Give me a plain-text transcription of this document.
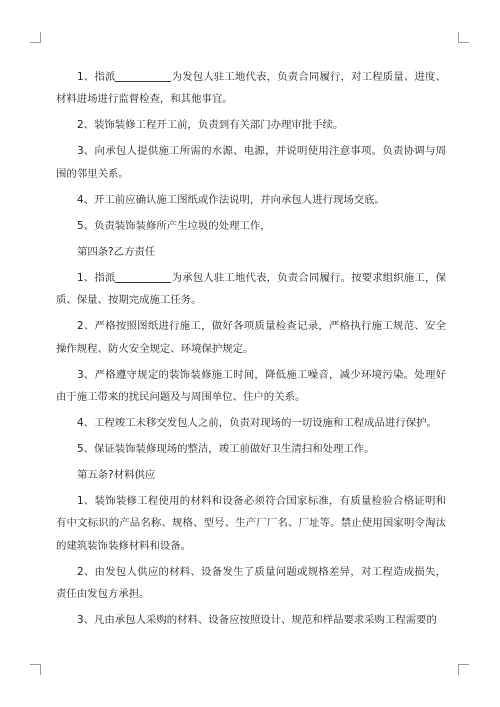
1、指派	为发包人驻工地代表，负责合同履行，对工程质量、进度、材料进场进行监督检查，和其他事宜。

2、装饰装修工程开工前，负责到有关部门办理审批手续。

3、向承包人提供施工所需的水源、电源，并说明使用注意事项。负责协调与周围的邻里关系。

4、开工前应确认施工图纸或作法说明，并向承包人进行现场交底。

5、负责装饰装修所产生垃圾的处理工作，

第四条?乙方责任

1、指派	为承包人驻工地代表，负责合同履行。按要求组织施工，保质、保量、按期完成施工任务。

2、严格按照图纸进行施工，做好各项质量检查记录，严格执行施工规范、安全操作规程、防火安全规定、环境保护规定。

3、严格遵守规定的装饰装修施工时间，降低施工噪音，减少环境污染。处理好由于施工带来的扰民问题及与周围单位、住户的关系。

4、工程竣工未移交发包人之前，负责对现场的一切设施和工程成品进行保护。

5、保证装饰装修现场的整洁，竣工前做好卫生清扫和处理工作。

第五条?材料供应

1、装饰装修工程使用的材料和设备必须符合国家标准，有质量检验合格证明和有中文标识的产品名称、规格、型号、生产厂厂名、厂址等。禁止使用国家明令淘汰的建筑装饰装修材料和设备。

2、由发包人供应的材料、设备发生了质量问题或规格差异，对工程造成损失，责任由发包方承担。

3、凡由承包人采购的材料、设备应按照设计、规范和样品要求采购工程需要的
